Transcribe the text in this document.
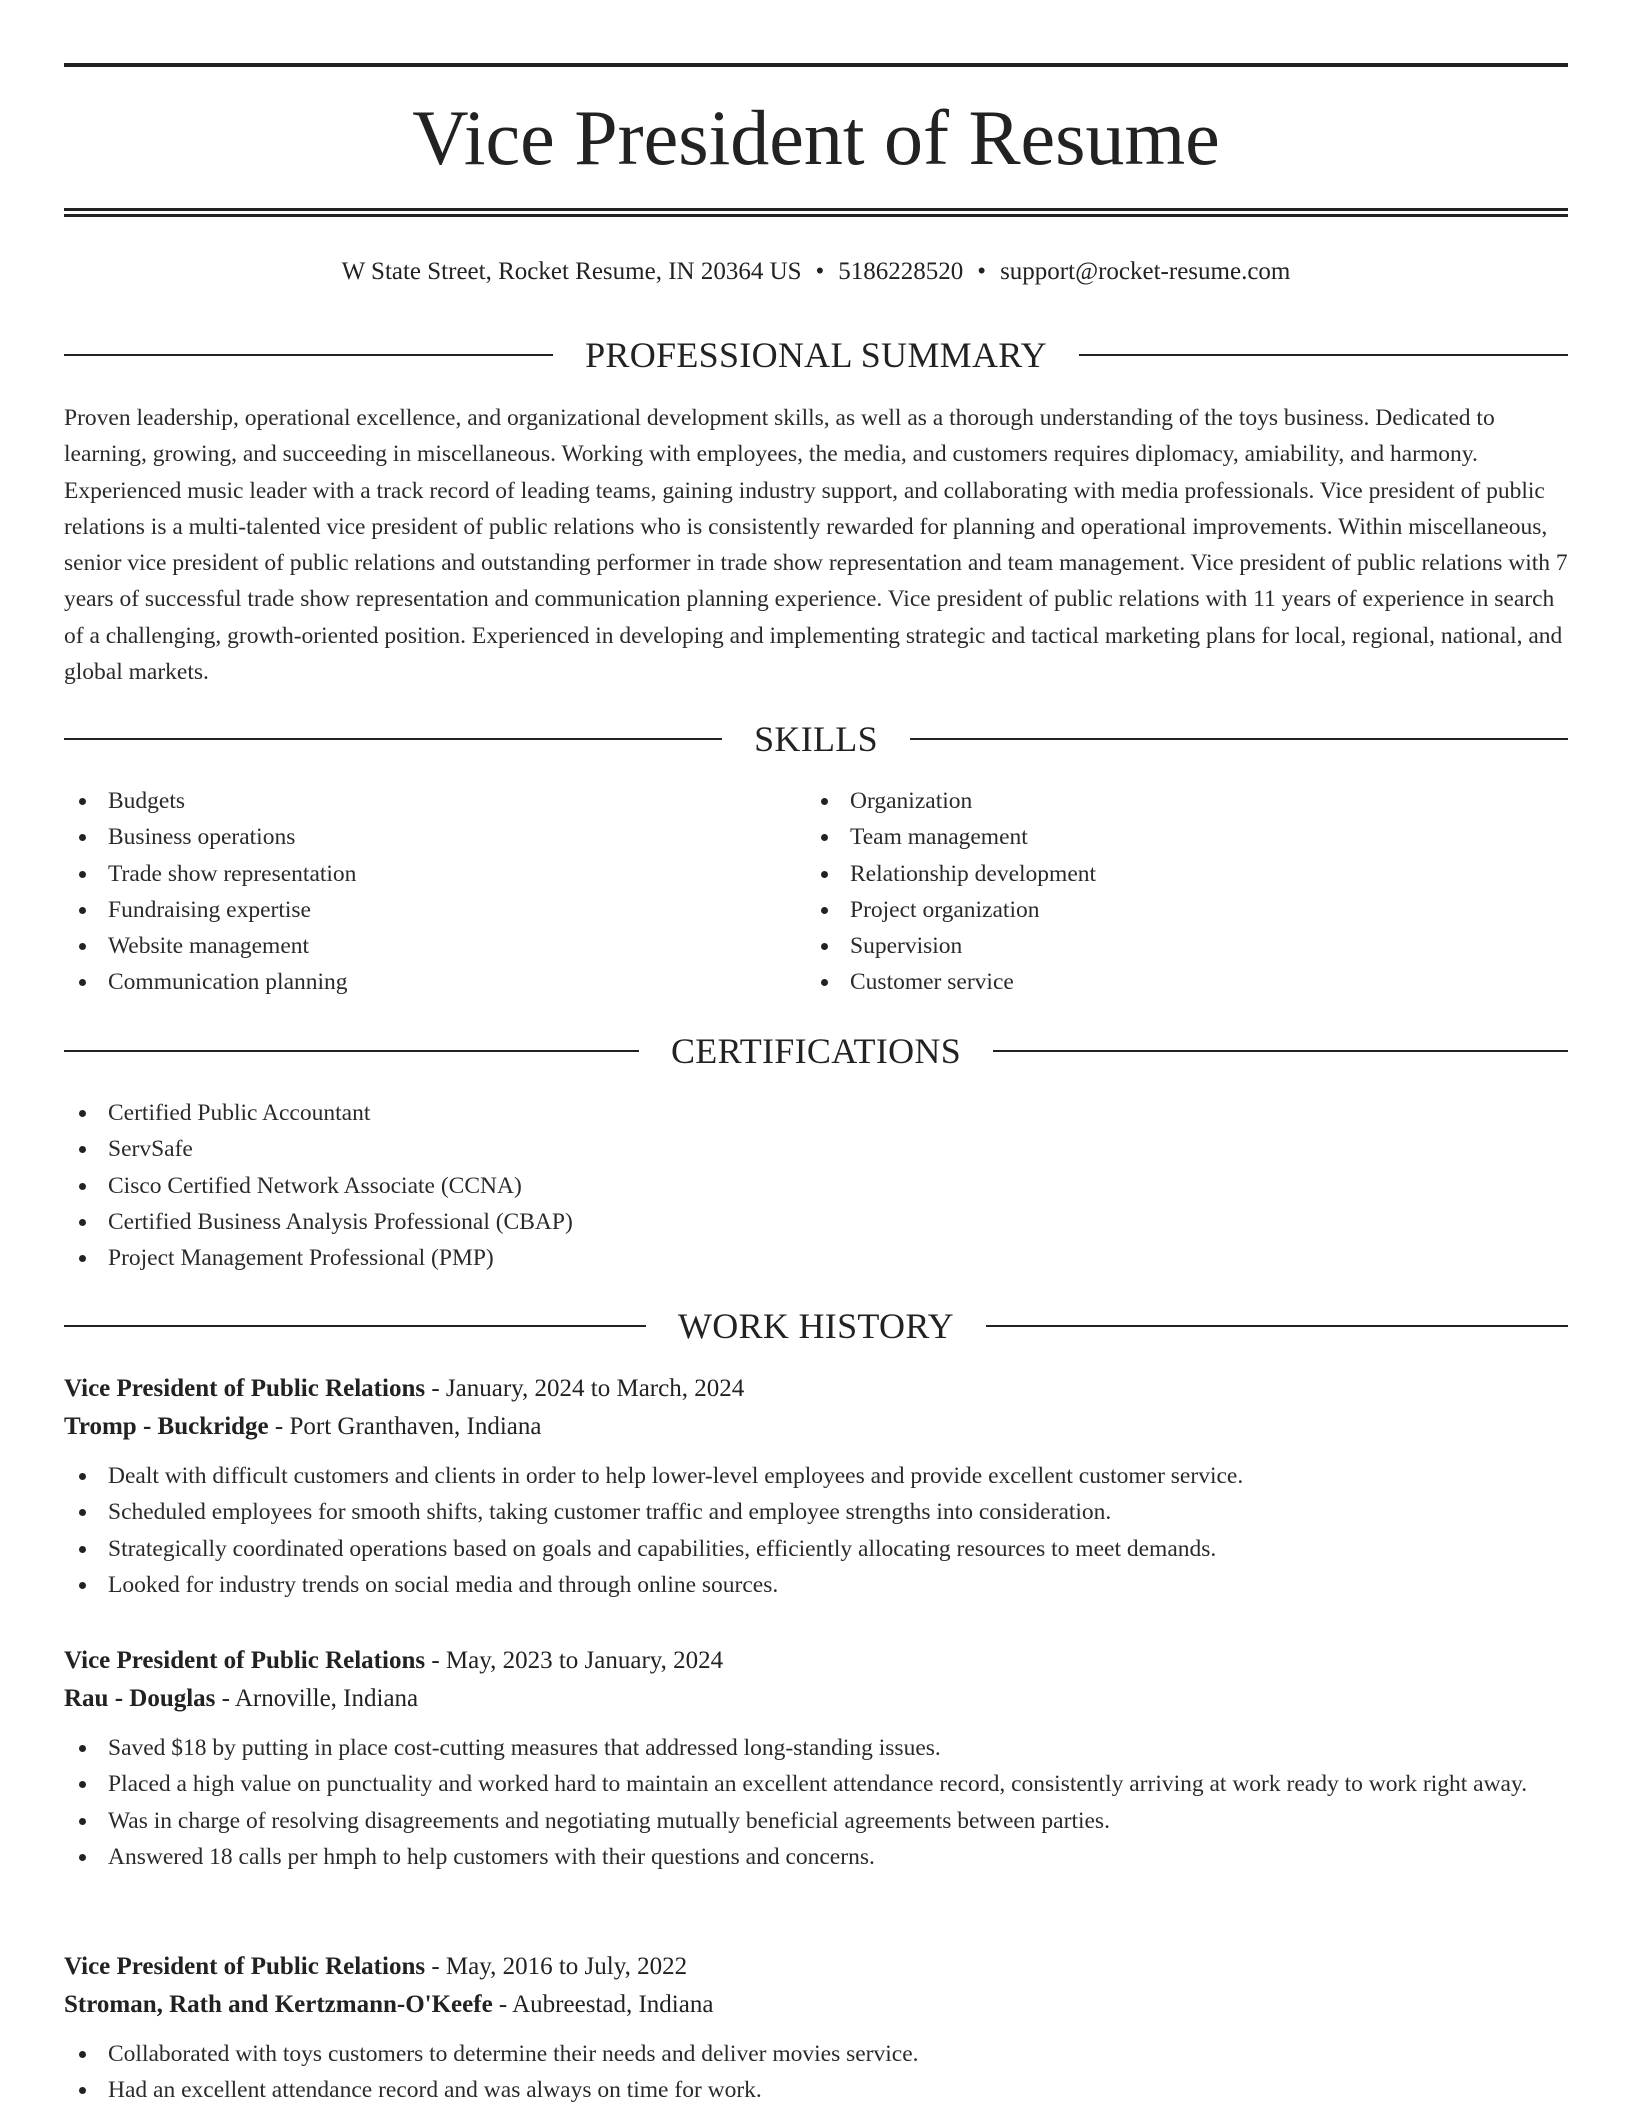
Vice President of Resume
W State Street, Rocket Resume, IN 20364 US • 5186228520 • support@rocket-resume.com
PROFESSIONAL SUMMARY

Proven leadership, operational excellence, and organizational development skills, as well as a thorough understanding of the toys business. Dedicated to learning, growing, and succeeding in miscellaneous. Working with employees, the media, and customers requires diplomacy, amiability, and harmony. Experienced music leader with a track record of leading teams, gaining industry support, and collaborating with media professionals. Vice president of public relations is a multi-talented vice president of public relations who is consistently rewarded for planning and operational improvements. Within miscellaneous, senior vice president of public relations and outstanding performer in trade show representation and team management. Vice president of public relations with 7 years of successful trade show representation and communication planning experience. Vice president of public relations with 11 years of experience in search of a challenging, growth-oriented position. Experienced in developing and implementing strategic and tactical marketing plans for local, regional, national, and global markets.

SKILLS
Budgets
Business operations
Trade show representation
Fundraising expertise
Website management
Communication planning
Organization
Team management
Relationship development
Project organization
Supervision
Customer service
CERTIFICATIONS
Certified Public Accountant
ServSafe
Cisco Certified Network Associate (CCNA)
Certified Business Analysis Professional (CBAP)
Project Management Professional (PMP)
WORK HISTORY
Vice President of Public Relations - January, 2024 to March, 2024
Tromp - Buckridge - Port Granthaven, Indiana
Dealt with difficult customers and clients in order to help lower-level employees and provide excellent customer service.
Scheduled employees for smooth shifts, taking customer traffic and employee strengths into consideration.
Strategically coordinated operations based on goals and capabilities, efficiently allocating resources to meet demands.
Looked for industry trends on social media and through online sources.
Vice President of Public Relations - May, 2023 to January, 2024
Rau - Douglas - Arnoville, Indiana
Saved $18 by putting in place cost-cutting measures that addressed long-standing issues.
Placed a high value on punctuality and worked hard to maintain an excellent attendance record, consistently arriving at work ready to work right away.
Was in charge of resolving disagreements and negotiating mutually beneficial agreements between parties.
Answered 18 calls per hmph to help customers with their questions and concerns.
Vice President of Public Relations - May, 2016 to July, 2022
Stroman, Rath and Kertzmann-O'Keefe - Aubreestad, Indiana
Collaborated with toys customers to determine their needs and deliver movies service.
Had an excellent attendance record and was always on time for work.
